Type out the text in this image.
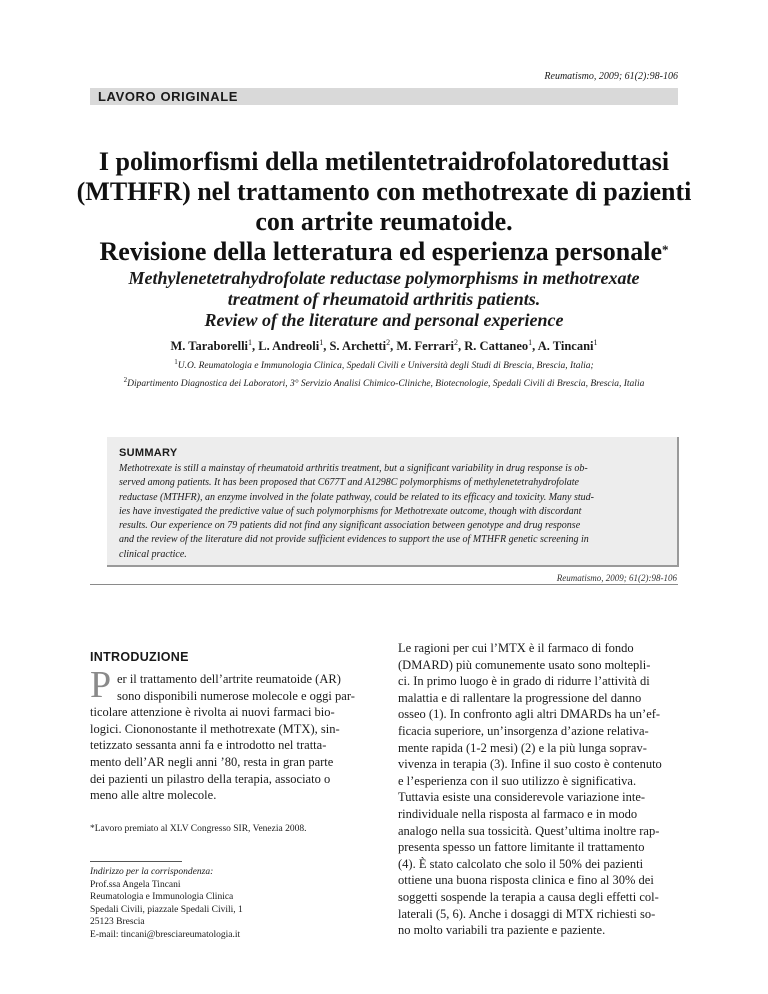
Reumatismo, 2009; 61(2):98-106
LAVORO ORIGINALE
I polimorfismi della metilentetraidrofolatoreduttasi
(MTHFR) nel trattamento con methotrexate di pazienti
con artrite reumatoide.
Revisione della letteratura ed esperienza personale*
Methylenetetrahydrofolate reductase polymorphisms in methotrexate
treatment of rheumatoid arthritis patients.
Review of the literature and personal experience
M. Taraborelli$^1$, L. Andreoli$^1$, S. Archetti$^2$, M. Ferrari$^2$, R. Cattaneo$^1$, A. Tincani$^1$
$^1$U.O. Reumatologia e Immunologia Clinica, Spedali Civili e Università degli Studi di Brescia, Brescia, Italia;
$^2$Dipartimento Diagnostica dei Laboratori, 3° Servizio Analisi Chimico-Cliniche, Biotecnologie, Spedali Civili di Brescia, Brescia, Italia
SUMMARY
Methotrexate is still a mainstay of rheumatoid arthritis treatment, but a significant variability in drug response is ob-
served among patients. It has been proposed that C677T and A1298C polymorphisms of methylenetetrahydrofolate
reductase (MTHFR), an enzyme involved in the folate pathway, could be related to its efficacy and toxicity. Many stud-
ies have investigated the predictive value of such polymorphisms for Methotrexate outcome, though with discordant
results. Our experience on 79 patients did not find any significant association between genotype and drug response
and the review of the literature did not provide sufficient evidences to support the use of MTHFR genetic screening in
clinical practice.
Reumatismo, 2009; 61(2):98-106
INTRODUZIONE
P er il trattamento dell’artrite reumatoide (AR)
sono disponibili numerose molecole e oggi par-
ticolare attenzione è rivolta ai nuovi farmaci bio-
logici. Ciononostante il methotrexate (MTX), sin-
tetizzato sessanta anni fa e introdotto nel tratta-
mento dell’AR negli anni ’80, resta in gran parte
dei pazienti un pilastro della terapia, associato o
meno alle altre molecole.
*Lavoro premiato al XLV Congresso SIR, Venezia 2008.
Indirizzo per la corrispondenza:
Prof.ssa Angela Tincani
Reumatologia e Immunologia Clinica
Spedali Civili, piazzale Spedali Civili, 1
25123 Brescia
E-mail: tincani@bresciareumatologia.it
Le ragioni per cui l’MTX è il farmaco di fondo
(DMARD) più comunemente usato sono moltepli-
ci. In primo luogo è in grado di ridurre l’attività di
malattia e di rallentare la progressione del danno
osseo (1). In confronto agli altri DMARDs ha un’ef-
ficacia superiore, un’insorgenza d’azione relativa-
mente rapida (1-2 mesi) (2) e la più lunga soprav-
vivenza in terapia (3). Infine il suo costo è contenuto
e l’esperienza con il suo utilizzo è significativa.
Tuttavia esiste una considerevole variazione inte-
rindividuale nella risposta al farmaco e in modo
analogo nella sua tossicità. Quest’ultima inoltre rap-
presenta spesso un fattore limitante il trattamento
(4). È stato calcolato che solo il 50% dei pazienti
ottiene una buona risposta clinica e fino al 30% dei
soggetti sospende la terapia a causa degli effetti col-
laterali (5, 6). Anche i dosaggi di MTX richiesti so-
no molto variabili tra paziente e paziente.
